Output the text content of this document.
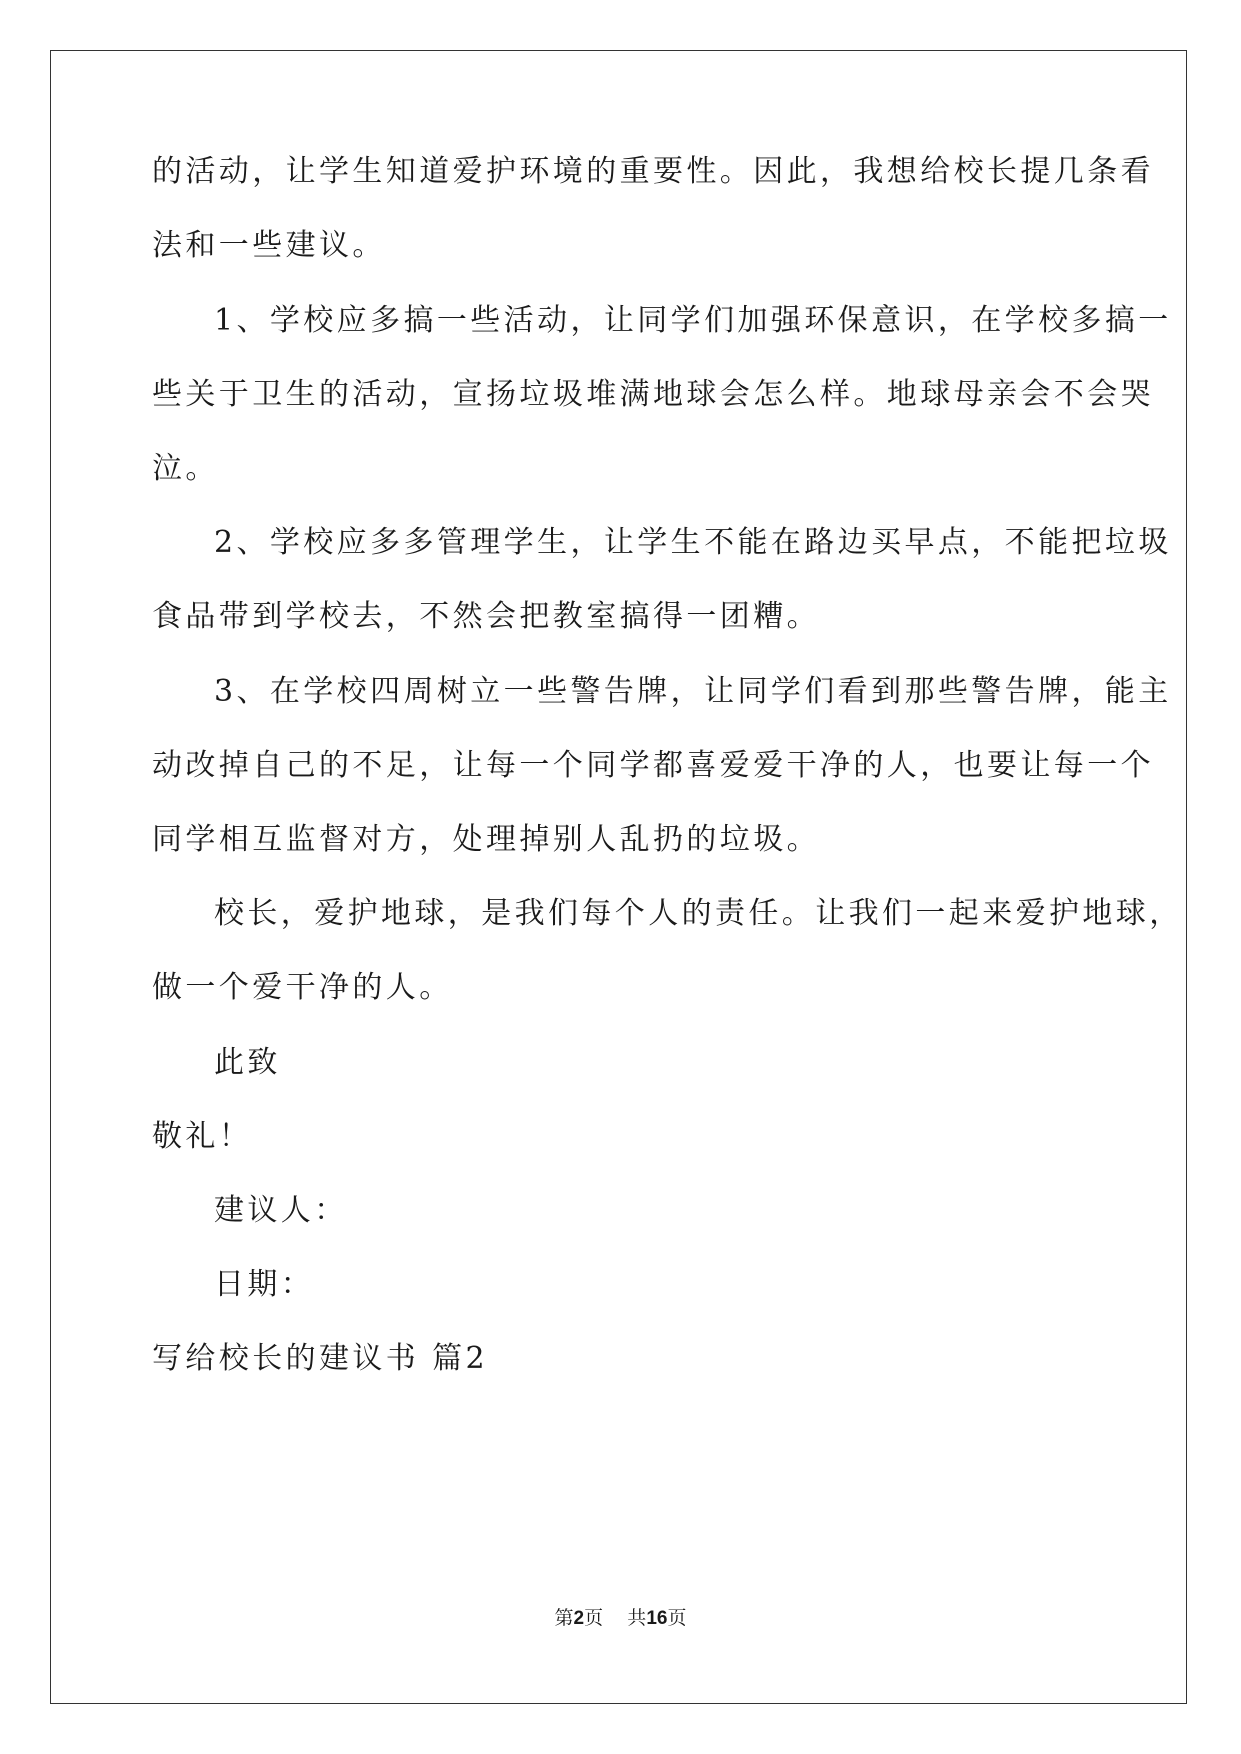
的活动，让学生知道爱护环境的重要性。因此，我想给校长提几条看
法和一些建议。
1、学校应多搞一些活动，让同学们加强环保意识，在学校多搞一
些关于卫生的活动，宣扬垃圾堆满地球会怎么样。地球母亲会不会哭
泣。
2、学校应多多管理学生，让学生不能在路边买早点，不能把垃圾
食品带到学校去，不然会把教室搞得一团糟。
3、在学校四周树立一些警告牌，让同学们看到那些警告牌，能主
动改掉自己的不足，让每一个同学都喜爱爱干净的人，也要让每一个
同学相互监督对方，处理掉别人乱扔的垃圾。
校长，爱护地球，是我们每个人的责任。让我们一起来爱护地球，
做一个爱干净的人。
此致
敬礼！
建议人：
日期：
写给校长的建议书 篇2
第2页 共16页
